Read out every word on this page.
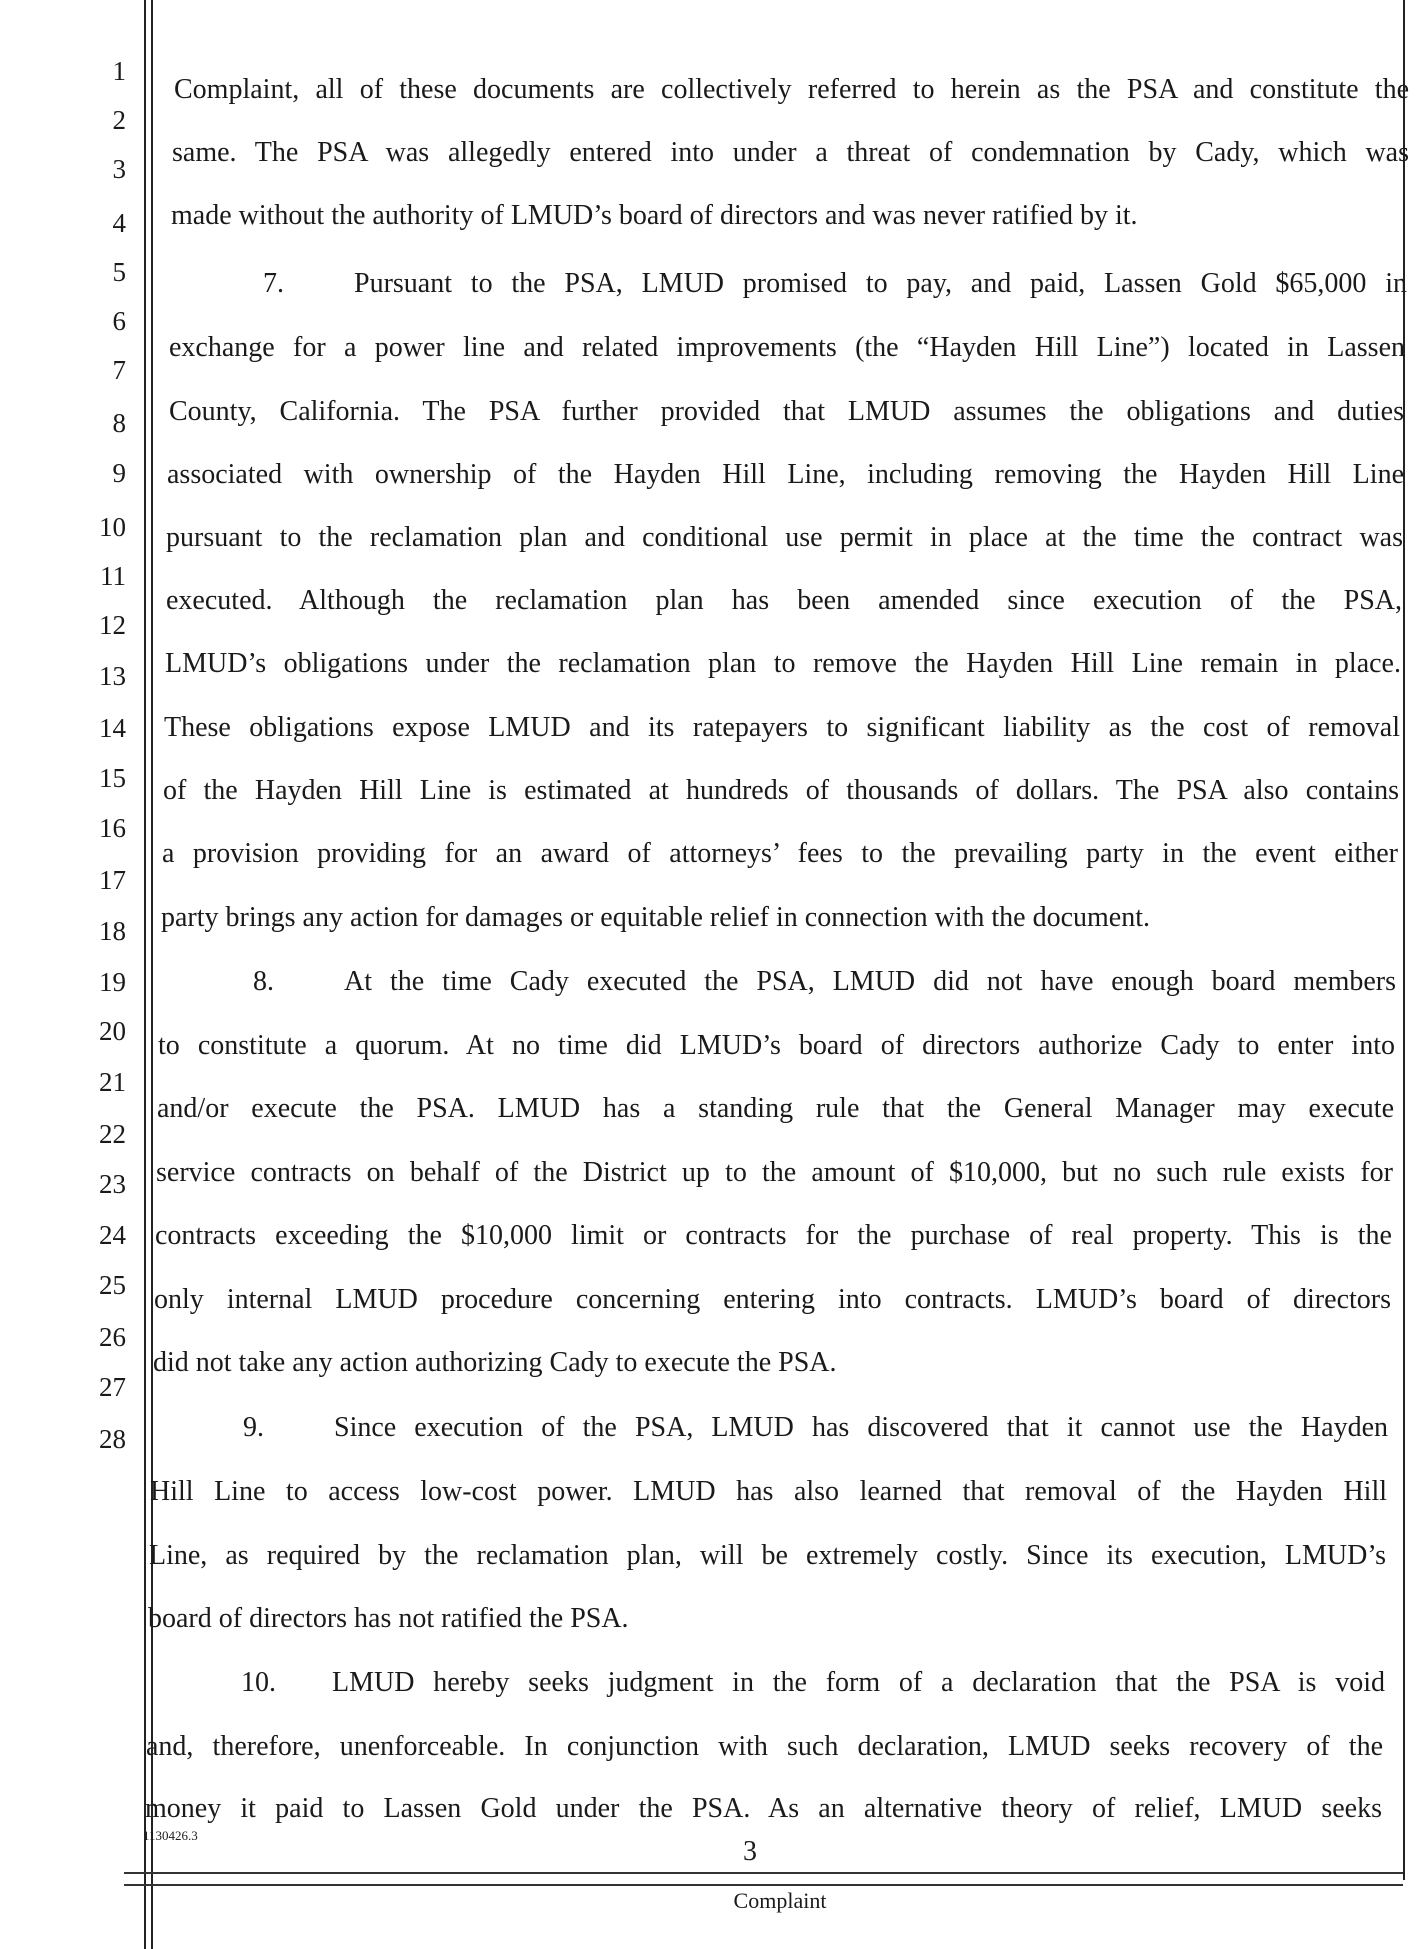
1
2
3
4
5
6
7
8
9
10
11
12
13
14
15
16
17
18
19
20
21
22
23
24
25
26
27
28
Complaint, all of these documents are collectively referred to herein as the PSA and constitute the
same. The PSA was allegedly entered into under a threat of condemnation by Cady, which was
made without the authority of LMUD’s board of directors and was never ratified by it.
7.   Pursuant to the PSA, LMUD promised to pay, and paid, Lassen Gold $65,000 in
exchange for a power line and related improvements (the “Hayden Hill Line”) located in Lassen
County, California. The PSA further provided that LMUD assumes the obligations and duties
associated with ownership of the Hayden Hill Line, including removing the Hayden Hill Line
pursuant to the reclamation plan and conditional use permit in place at the time the contract was
executed. Although the reclamation plan has been amended since execution of the PSA,
LMUD’s obligations under the reclamation plan to remove the Hayden Hill Line remain in place.
These obligations expose LMUD and its ratepayers to significant liability as the cost of removal
of the Hayden Hill Line is estimated at hundreds of thousands of dollars. The PSA also contains
a provision providing for an award of attorneys’ fees to the prevailing party in the event either
party brings any action for damages or equitable relief in connection with the document.
8.   At the time Cady executed the PSA, LMUD did not have enough board members
to constitute a quorum. At no time did LMUD’s board of directors authorize Cady to enter into
and/or execute the PSA. LMUD has a standing rule that the General Manager may execute
service contracts on behalf of the District up to the amount of $10,000, but no such rule exists for
contracts exceeding the $10,000 limit or contracts for the purchase of real property. This is the
only internal LMUD procedure concerning entering into contracts. LMUD’s board of directors
did not take any action authorizing Cady to execute the PSA.
9.   Since execution of the PSA, LMUD has discovered that it cannot use the Hayden
Hill Line to access low-cost power. LMUD has also learned that removal of the Hayden Hill
Line, as required by the reclamation plan, will be extremely costly. Since its execution, LMUD’s
board of directors has not ratified the PSA.
10.  LMUD hereby seeks judgment in the form of a declaration that the PSA is void
and, therefore, unenforceable. In conjunction with such declaration, LMUD seeks recovery of the
money it paid to Lassen Gold under the PSA. As an alternative theory of relief, LMUD seeks
1130426.3
3
Complaint
